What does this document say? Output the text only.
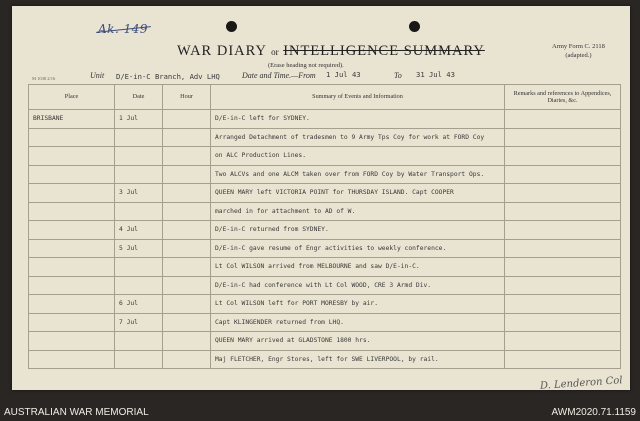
Ak. 149
WAR DIARY or INTELLIGENCE SUMMARY
(Erase heading not required).
Army Form C. 2118
(adapted.)
M 1038 2/16	Unit D/E-in-C Branch, Adv LHQ	Date and Time.—From 1 Jul 43	To 31 Jul 43
Place	Date	Hour	Summary of Events and Information	Remarks and references to Appendices, Diaries, &c.
BRISBANE	1 Jul		D/E-in-C left for SYDNEY.	
			Arranged Detachment of tradesmen to 9 Army Tps Coy for work at FORD Coy	
			on ALC Production Lines.	
			Two ALCVs and one ALCM taken over from FORD Coy by Water Transport Ops.	
	3 Jul		QUEEN MARY left VICTORIA POINT for THURSDAY ISLAND. Capt COOPER	
			marched in for attachment to AD of W.	
	4 Jul		D/E-in-C returned from SYDNEY.	
	5 Jul		D/E-in-C gave resume of Engr activities to weekly conference.	
			Lt Col WILSON arrived from MELBOURNE and saw D/E-in-C.	
			D/E-in-C had conference with Lt Col WOOD, CRE 3 Armd Div.	
	6 Jul		Lt Col WILSON left for PORT MORESBY by air.	
	7 Jul		Capt KLINGENDER returned from LHQ.	
			QUEEN MARY arrived at GLADSTONE 1800 hrs.	
			Maj FLETCHER, Engr Stores, left for SWE LIVERPOOL, by rail.	
D. Lenderon Col
AUSTRALIAN WAR MEMORIAL	AWM2020.71.1159
